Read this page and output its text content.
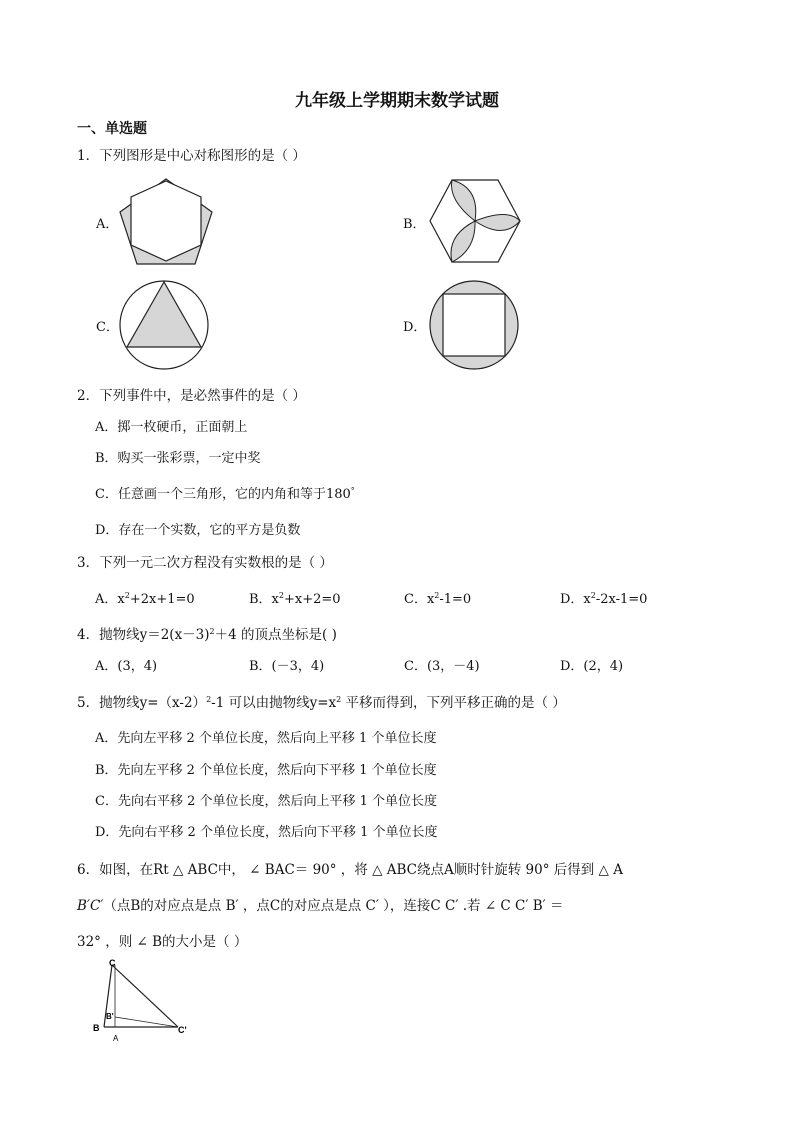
九年级上学期期末数学试题
一、单选题
1．下列图形是中心对称图形的是（ ）
A．	B．
C．	D．
2．下列事件中，是必然事件的是（ ）
A．掷一枚硬币，正面朝上
B．购买一张彩票，一定中奖
C．任意画一个三角形，它的内角和等于180°
D．存在一个实数，它的平方是负数
3．下列一元二次方程没有实数根的是（ ）
A．$x^2+2x+1=0$	B．$x^2+x+2=0$	C．$x^2-1=0$	D．$x^2-2x-1=0$
4．抛物线$y=2(x-3)^2+4$ 的顶点坐标是( )
A．(3，4)	B．(－3，4)	C．(3，－4)	D．(2，4)
5．抛物线$y=(x-2)^2-1$ 可以由抛物线$y=x^2$ 平移而得到，下列平移正确的是（ ）
A．先向左平移 2 个单位长度，然后向上平移 1 个单位长度
B．先向左平移 2 个单位长度，然后向下平移 1 个单位长度
C．先向右平移 2 个单位长度，然后向上平移 1 个单位长度
D．先向右平移 2 个单位长度，然后向下平移 1 个单位长度
6．如图，在Rt △ ABC中， ∠ BAC＝ 90° ，将 △ ABC绕点A顺时针旋转 90° 后得到 △ A
B′C′（点B的对应点是点 B′ ，点C的对应点是点 C′ ），连接C C′ .若 ∠ C C′ B′ ＝
32° ，则 ∠ B的大小是（ ）
C
B
B'
A
C'
